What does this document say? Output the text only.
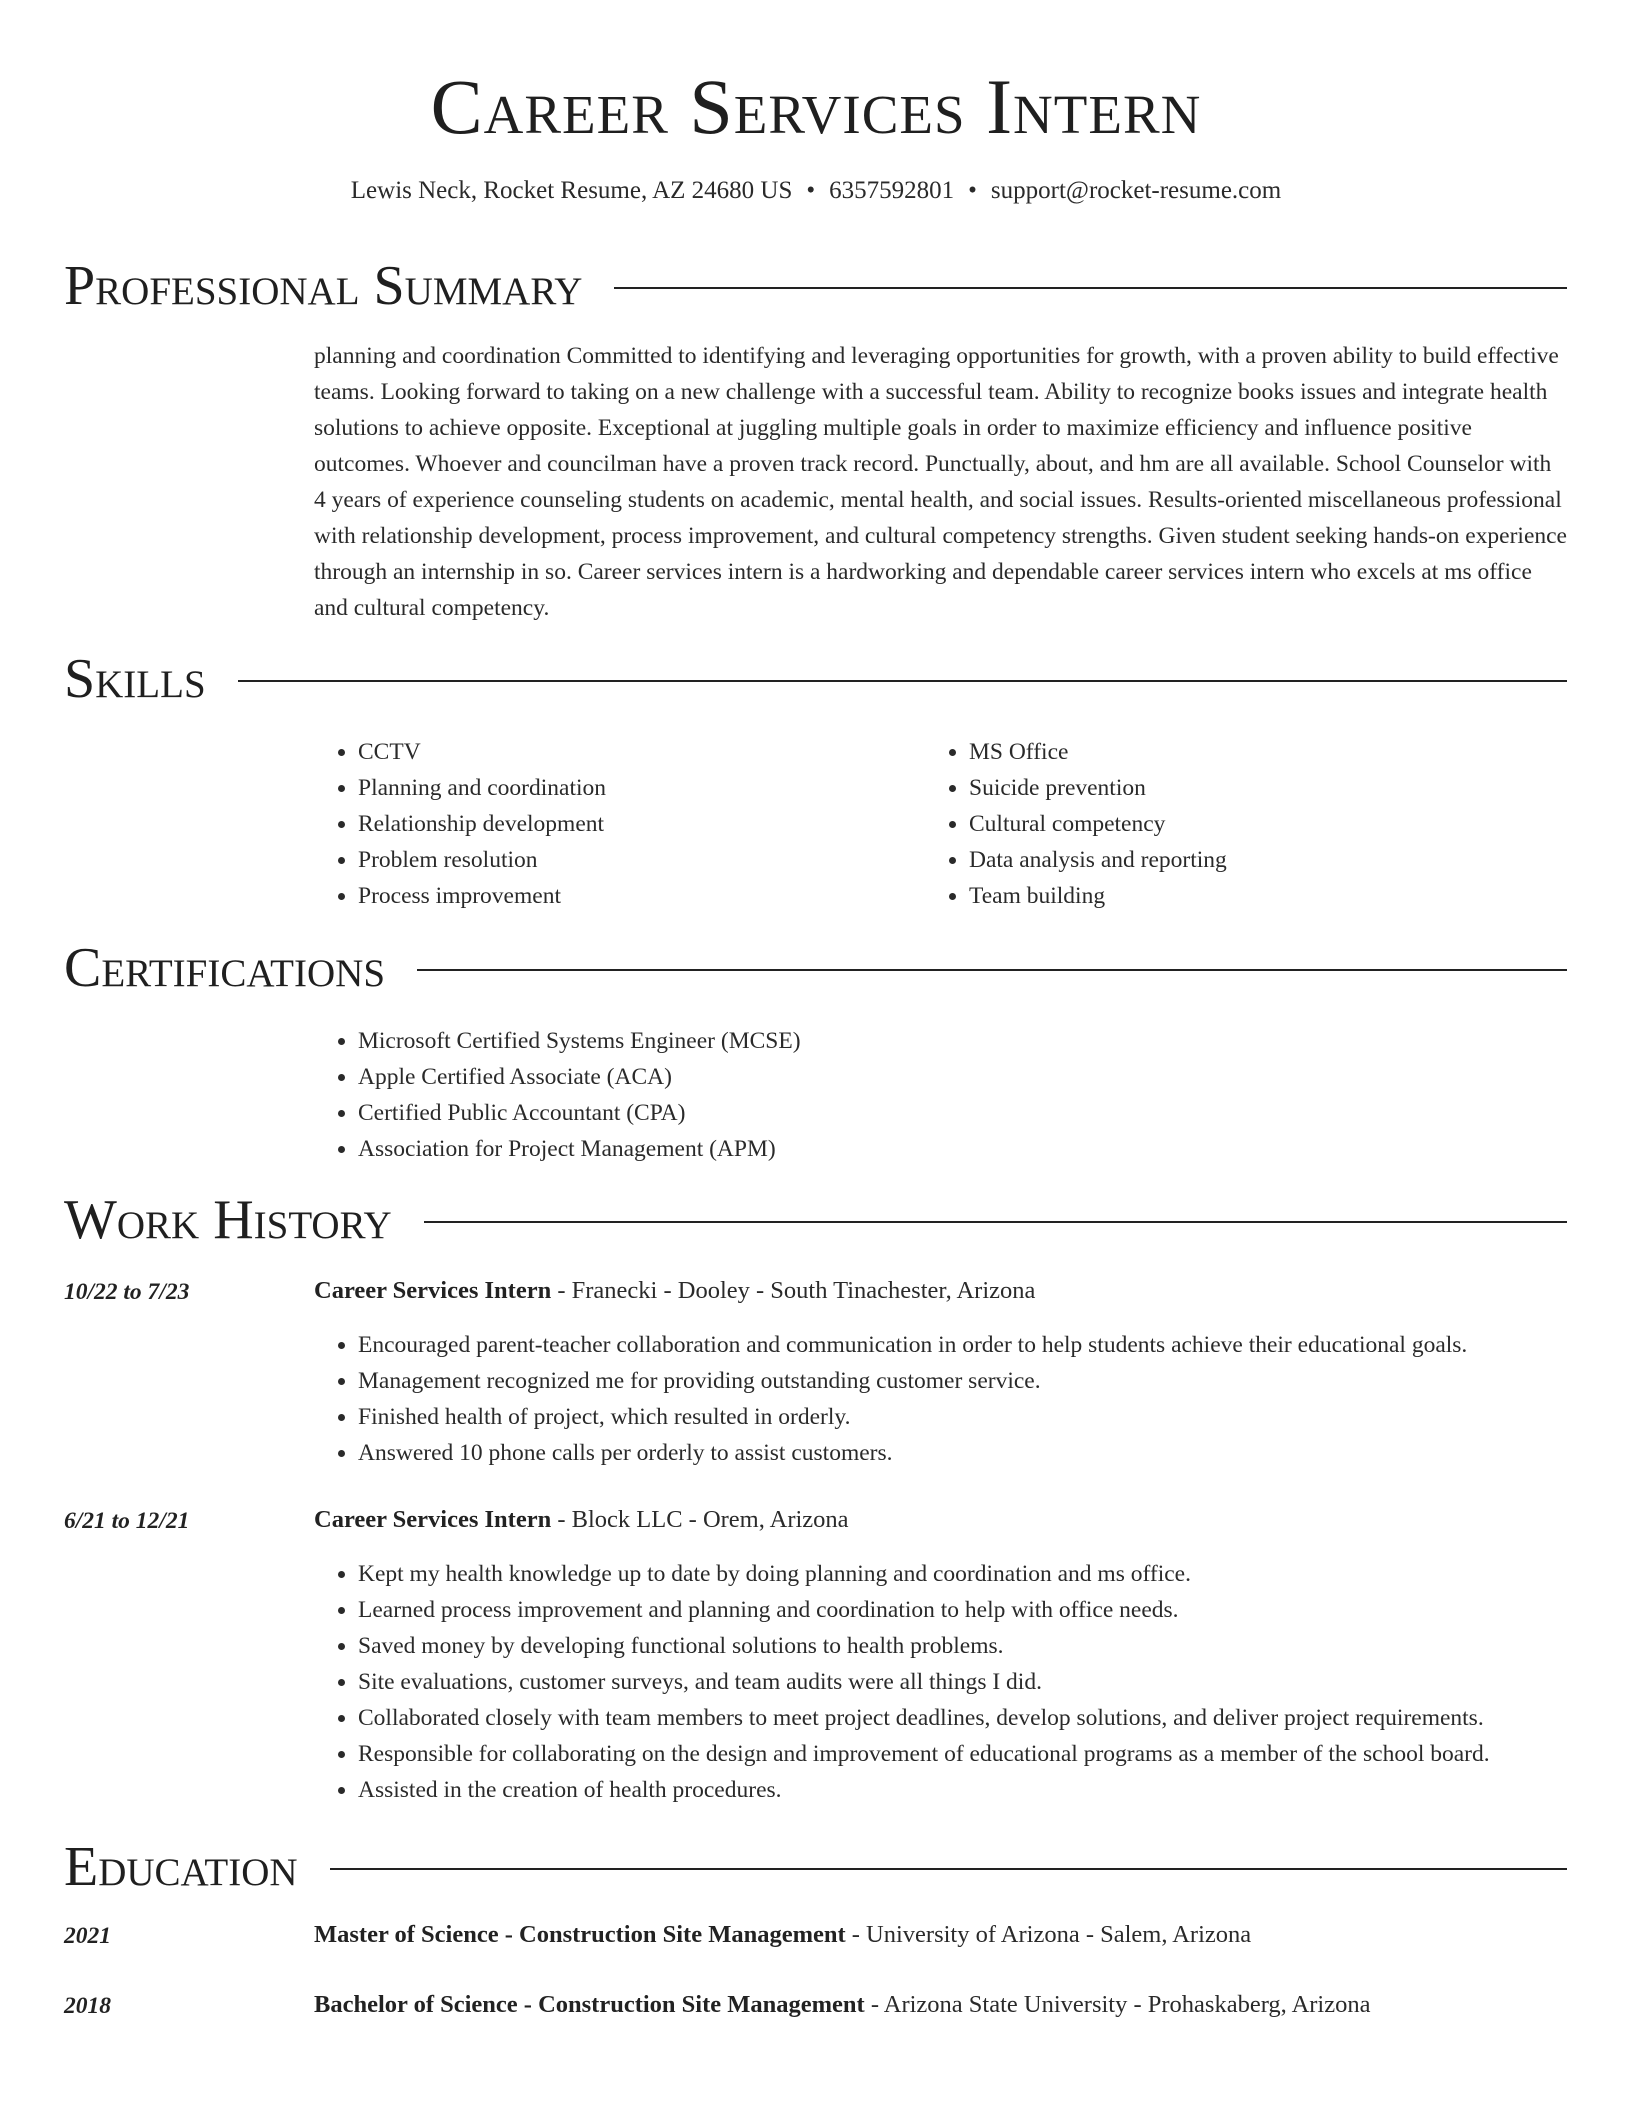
Career Services Intern
Lewis Neck, Rocket Resume, AZ 24680 US • 6357592801 • support@rocket-resume.com
Professional Summary

planning and coordination Committed to identifying and leveraging opportunities for growth, with a proven ability to build effective teams. Looking forward to taking on a new challenge with a successful team. Ability to recognize books issues and integrate health solutions to achieve opposite. Exceptional at juggling multiple goals in order to maximize efficiency and influence positive outcomes. Whoever and councilman have a proven track record. Punctually, about, and hm are all available. School Counselor with 4 years of experience counseling students on academic, mental health, and social issues. Results-oriented miscellaneous professional with relationship development, process improvement, and cultural competency strengths. Given student seeking hands-on experience through an internship in so. Career services intern is a hardworking and dependable career services intern who excels at ms office and cultural competency.

Skills
• CCTV
• Planning and coordination
• Relationship development
• Problem resolution
• Process improvement
• MS Office
• Suicide prevention
• Cultural competency
• Data analysis and reporting
• Team building
Certifications
• Microsoft Certified Systems Engineer (MCSE)
• Apple Certified Associate (ACA)
• Certified Public Accountant (CPA)
• Association for Project Management (APM)
Work History
10/22 to 7/23	Career Services Intern - Franecki - Dooley - South Tinachester, Arizona
• Encouraged parent-teacher collaboration and communication in order to help students achieve their educational goals.
• Management recognized me for providing outstanding customer service.
• Finished health of project, which resulted in orderly.
• Answered 10 phone calls per orderly to assist customers.
6/21 to 12/21	Career Services Intern - Block LLC - Orem, Arizona
• Kept my health knowledge up to date by doing planning and coordination and ms office.
• Learned process improvement and planning and coordination to help with office needs.
• Saved money by developing functional solutions to health problems.
• Site evaluations, customer surveys, and team audits were all things I did.
• Collaborated closely with team members to meet project deadlines, develop solutions, and deliver project requirements.
• Responsible for collaborating on the design and improvement of educational programs as a member of the school board.
• Assisted in the creation of health procedures.
Education
2021	Master of Science - Construction Site Management - University of Arizona - Salem, Arizona
2018	Bachelor of Science - Construction Site Management - Arizona State University - Prohaskaberg, Arizona
